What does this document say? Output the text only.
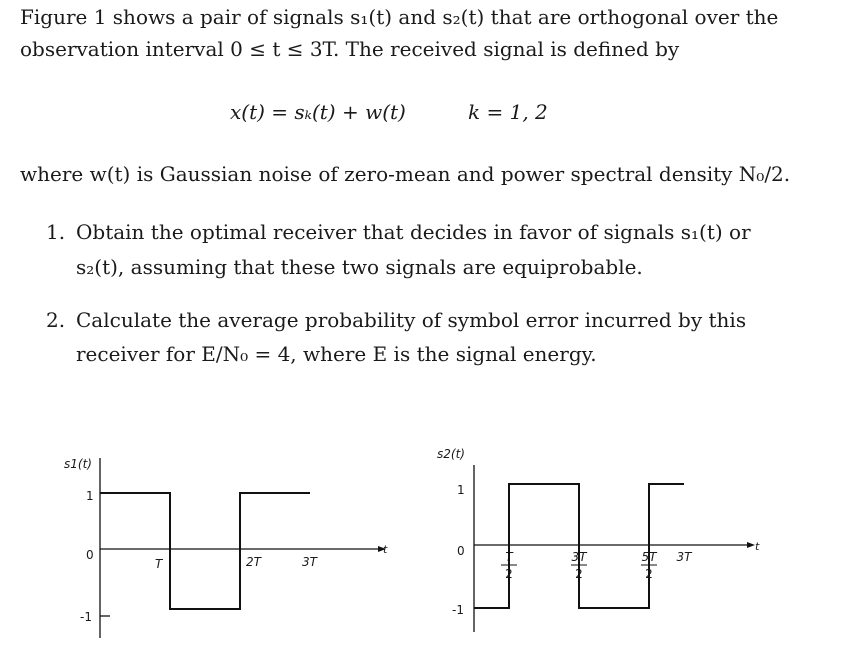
Figure 1 shows a pair of signals s₁(t) and s₂(t) that are orthogonal over the
observation interval 0 ≤ t ≤ 3T. The received signal is defined by
x(t) = sₖ(t) + w(t)	k = 1, 2
where w(t) is Gaussian noise of zero-mean and power spectral density N₀/2.
1. Obtain the optimal receiver that decides in favor of signals s₁(t) or
s₂(t), assuming that these two signals are equiprobable.
2. Calculate the average probability of symbol error incurred by this
receiver for E/N₀ = 4, where E is the signal energy.
s1(t)
t
1
0
-1
T	2T	3T
s2(t)
t
1
0
-1
T
2
3T
2
5T
2
3T
